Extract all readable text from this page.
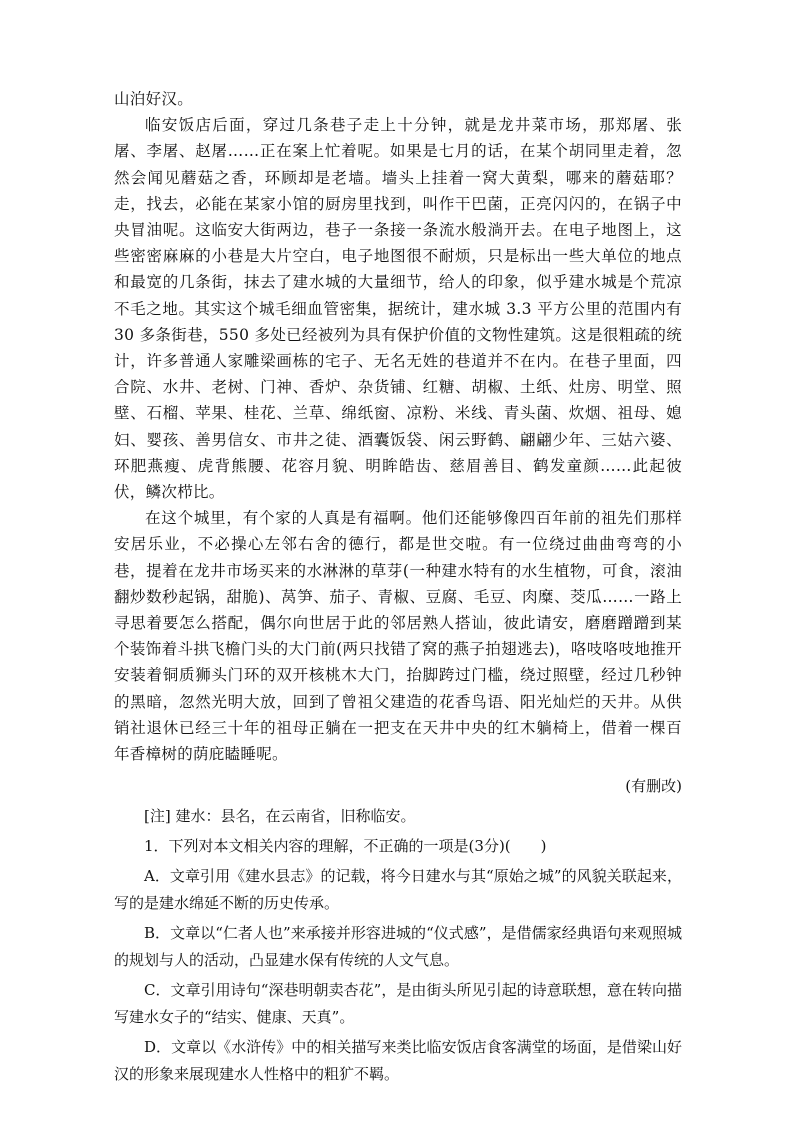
山泊好汉。

临安饭店后面，穿过几条巷子走上十分钟，就是龙井菜市场，那郑屠、张屠、李屠、赵屠……正在案上忙着呢。如果是七月的话，在某个胡同里走着，忽然会闻见蘑菇之香，环顾却是老墙。墙头上挂着一窝大黄梨，哪来的蘑菇耶？走，找去，必能在某家小馆的厨房里找到，叫作干巴菌，正亮闪闪的，在锅子中央冒油呢。这临安大街两边，巷子一条接一条流水般淌开去。在电子地图上，这些密密麻麻的小巷是大片空白，电子地图很不耐烦，只是标出一些大单位的地点和最宽的几条街，抹去了建水城的大量细节，给人的印象，似乎建水城是个荒凉不毛之地。其实这个城毛细血管密集，据统计，建水城 3.3 平方公里的范围内有 30 多条街巷，550 多处已经被列为具有保护价值的文物性建筑。这是很粗疏的统计，许多普通人家雕梁画栋的宅子、无名无姓的巷道并不在内。在巷子里面，四合院、水井、老树、门神、香炉、杂货铺、红糖、胡椒、土纸、灶房、明堂、照壁、石榴、苹果、桂花、兰草、绵纸窗、凉粉、米线、青头菌、炊烟、祖母、媳妇、婴孩、善男信女、市井之徒、酒囊饭袋、闲云野鹤、翩翩少年、三姑六婆、环肥燕瘦、虎背熊腰、花容月貌、明眸皓齿、慈眉善目、鹤发童颜……此起彼伏，鳞次栉比。

在这个城里，有个家的人真是有福啊。他们还能够像四百年前的祖先们那样安居乐业，不必操心左邻右舍的德行，都是世交啦。有一位绕过曲曲弯弯的小巷，提着在龙井市场买来的水淋淋的草芽(一种建水特有的水生植物，可食，滚油翻炒数秒起锅，甜脆)、莴笋、茄子、青椒、豆腐、毛豆、肉糜、茭瓜……一路上寻思着要怎么搭配，偶尔向世居于此的邻居熟人搭讪，彼此请安，磨磨蹭蹭到某个装饰着斗拱飞檐门头的大门前(两只找错了窝的燕子拍翅逃去)，咯吱咯吱地推开安装着铜质狮头门环的双开核桃木大门，抬脚跨过门槛，绕过照壁，经过几秒钟的黑暗，忽然光明大放，回到了曾祖父建造的花香鸟语、阳光灿烂的天井。从供销社退休已经三十年的祖母正躺在一把支在天井中央的红木躺椅上，借着一棵百年香樟树的荫庇瞌睡呢。

(有删改)

[注] 建水：县名，在云南省，旧称临安。

1．下列对本文相关内容的理解，不正确的一项是(3分)(　　)

A．文章引用《建水县志》的记载，将今日建水与其“原始之城”的风貌关联起来，写的是建水绵延不断的历史传承。

B．文章以“仁者人也”来承接并形容进城的“仪式感”，是借儒家经典语句来观照城的规划与人的活动，凸显建水保有传统的人文气息。

C．文章引用诗句“深巷明朝卖杏花”，是由街头所见引起的诗意联想，意在转向描写建水女子的“结实、健康、天真”。

D．文章以《水浒传》中的相关描写来类比临安饭店食客满堂的场面，是借梁山好汉的形象来展现建水人性格中的粗犷不羁。
